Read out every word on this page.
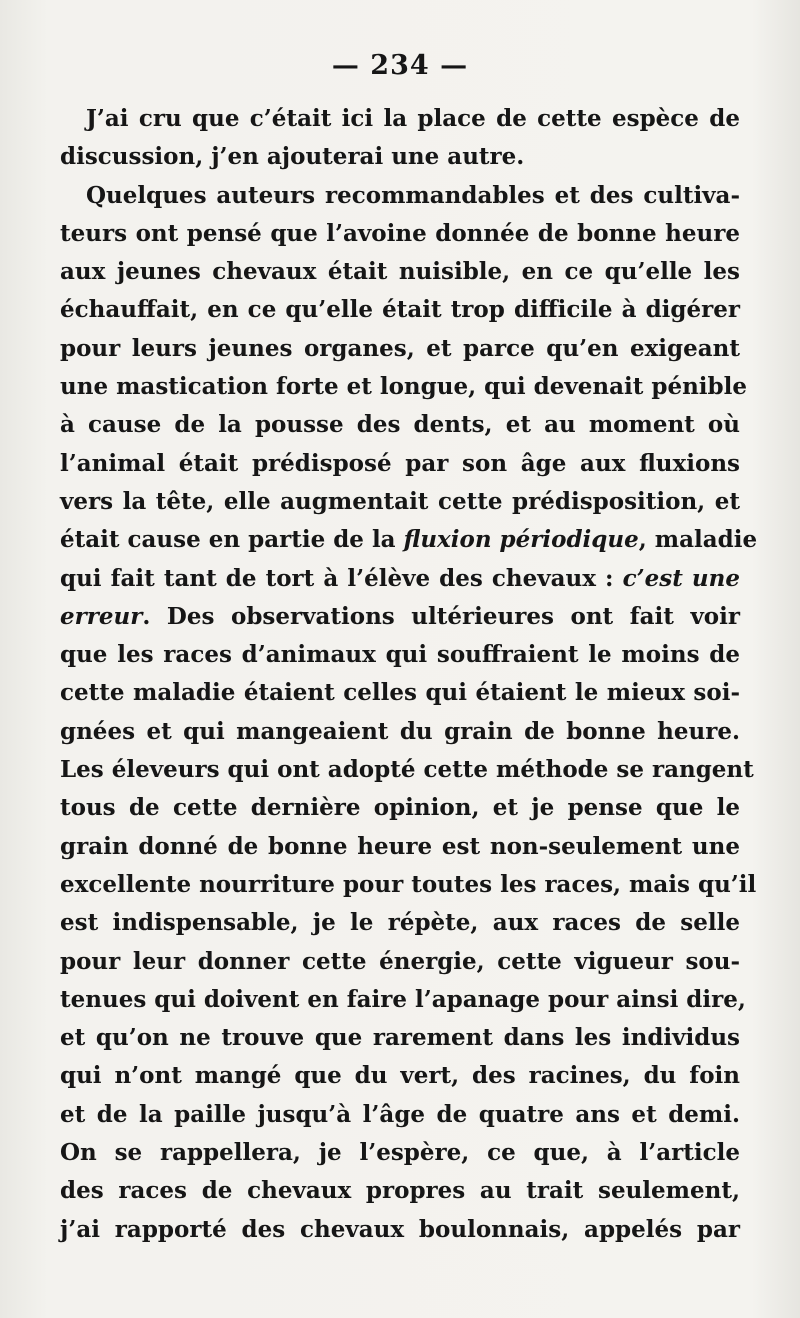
— 234 —
J’ai cru que c’était ici la place de cette espèce de
discussion, j’en ajouterai une autre.
Quelques auteurs recommandables et des cultiva-
teurs ont pensé que l’avoine donnée de bonne heure
aux jeunes chevaux était nuisible, en ce qu’elle les
échauffait, en ce qu’elle était trop difficile à digérer
pour leurs jeunes organes, et parce qu’en exigeant
une mastication forte et longue, qui devenait pénible
à cause de la pousse des dents, et au moment où
l’animal était prédisposé par son âge aux fluxions
vers la tête, elle augmentait cette prédisposition, et
était cause en partie de la fluxion périodique, maladie
qui fait tant de tort à l’élève des chevaux : c’est une
erreur. Des observations ultérieures ont fait voir
que les races d’animaux qui souffraient le moins de
cette maladie étaient celles qui étaient le mieux soi-
gnées et qui mangeaient du grain de bonne heure.
Les éleveurs qui ont adopté cette méthode se rangent
tous de cette dernière opinion, et je pense que le
grain donné de bonne heure est non-seulement une
excellente nourriture pour toutes les races, mais qu’il
est indispensable, je le répète, aux races de selle
pour leur donner cette énergie, cette vigueur sou-
tenues qui doivent en faire l’apanage pour ainsi dire,
et qu’on ne trouve que rarement dans les individus
qui n’ont mangé que du vert, des racines, du foin
et de la paille jusqu’à l’âge de quatre ans et demi.
On se rappellera, je l’espère, ce que, à l’article
des races de chevaux propres au trait seulement,
j’ai rapporté des chevaux boulonnais, appelés par
